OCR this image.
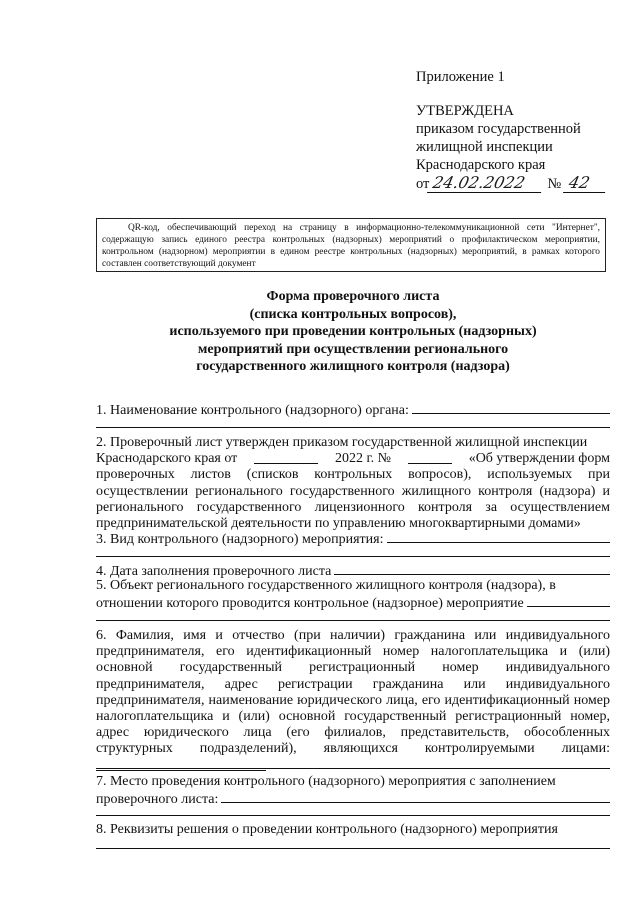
Приложение 1
УТВЕРЖДЕНА
приказом государственной
жилищной инспекции
Краснодарского края
от 24.02.2022	№ 42
QR-код, обеспечивающий переход на страницу в информационно-телекоммуникационной сети "Интернет", содержащую запись единого реестра контрольных (надзорных) мероприятий о профилактическом мероприятии, контрольном (надзорном) мероприятии в едином реестре контрольных (надзорных) мероприятий, в рамках которого составлен соответствующий документ
Форма проверочного листа
(списка контрольных вопросов),
используемого при проведении контрольных (надзорных)
мероприятий при осуществлении регионального
государственного жилищного контроля (надзора)
1. Наименование контрольного (надзорного) органа:
2. Проверочный лист утвержден приказом государственной жилищной инспекции
Краснодарского края от	2022 г. №	«Об утверждении форм
проверочных листов (списков контрольных вопросов), используемых при осуществлении регионального государственного жилищного контроля (надзора) и регионального государственного лицензионного контроля за осуществлением предпринимательской деятельности по управлению многоквартирными домами»
3. Вид контрольного (надзорного) мероприятия:
4. Дата заполнения проверочного листа
5. Объект регионального государственного жилищного контроля (надзора), в
отношении которого проводится контрольное (надзорное) мероприятие
6. Фамилия, имя и отчество (при наличии) гражданина или индивидуального предпринимателя, его идентификационный номер налогоплательщика и (или) основной государственный регистрационный номер индивидуального предпринимателя, адрес регистрации гражданина или индивидуального предпринимателя, наименование юридического лица, его идентификационный номер налогоплательщика и (или) основной государственный регистрационный номер, адрес юридического лица (его филиалов, представительств, обособленных структурных подразделений), являющихся контролируемыми лицами:
7. Место проведения контрольного (надзорного) мероприятия с заполнением
проверочного листа:
8. Реквизиты решения о проведении контрольного (надзорного) мероприятия
